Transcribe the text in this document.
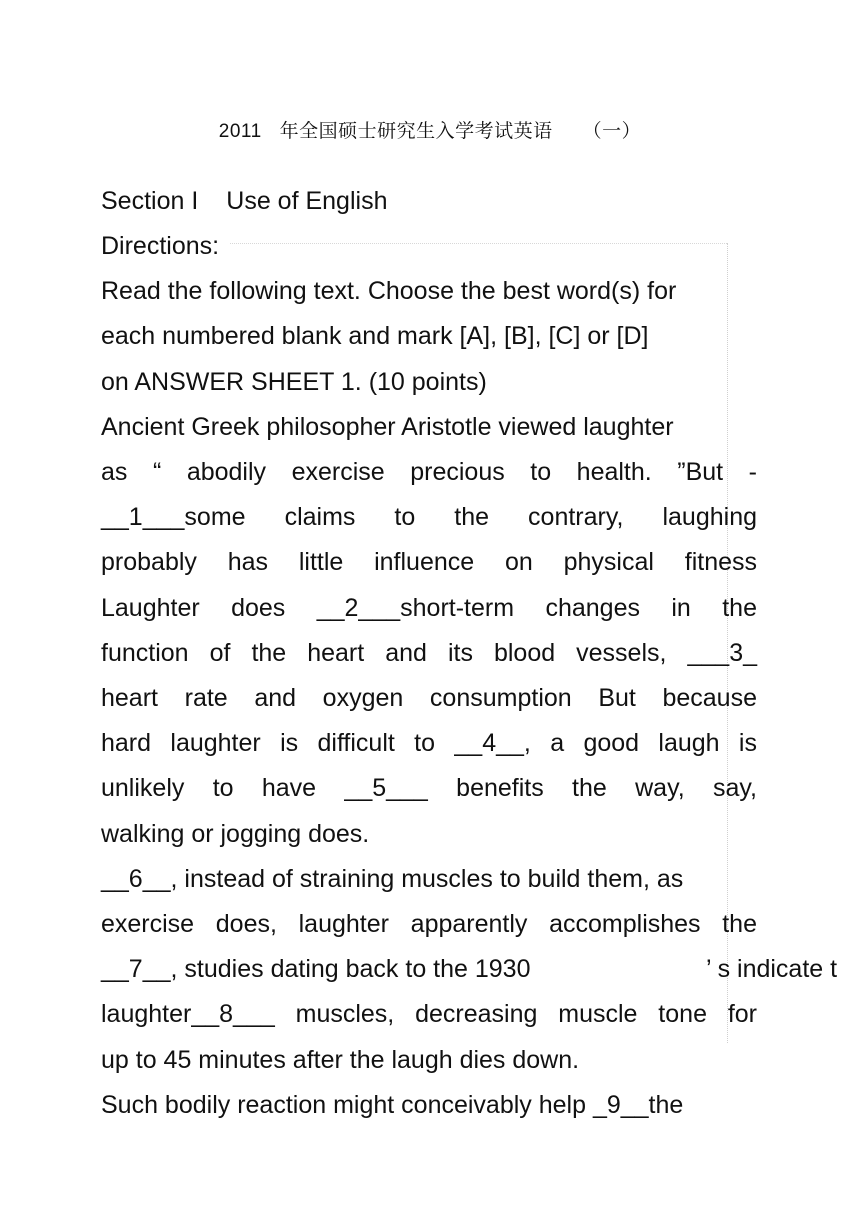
2011 年全国硕士研究生入学考试英语 （一）
Section I Use of English
Directions:
Read the following text. Choose the best word(s) for
each numbered blank and mark [A], [B], [C] or [D]
on ANSWER SHEET 1. (10 points)
Ancient Greek philosopher Aristotle viewed laughter
as “ abodily exercise precious to health. ”But -
__1___some claims to the contrary, laughing
probably has little influence on physical fitness
Laughter does __2___short-term changes in the
function of the heart and its blood vessels, ___3_
heart rate and oxygen consumption But because
hard laughter is difficult to __4__, a good laugh is
unlikely to have __5___ benefits the way, say,
walking or jogging does.
__6__, instead of straining muscles to build them, as
exercise does, laughter apparently accomplishes the
__7__, studies dating back to the 1930	’ s indicate t
laughter__8___ muscles, decreasing muscle tone for
up to 45 minutes after the laugh dies down.
Such bodily reaction might conceivably help _9__the
